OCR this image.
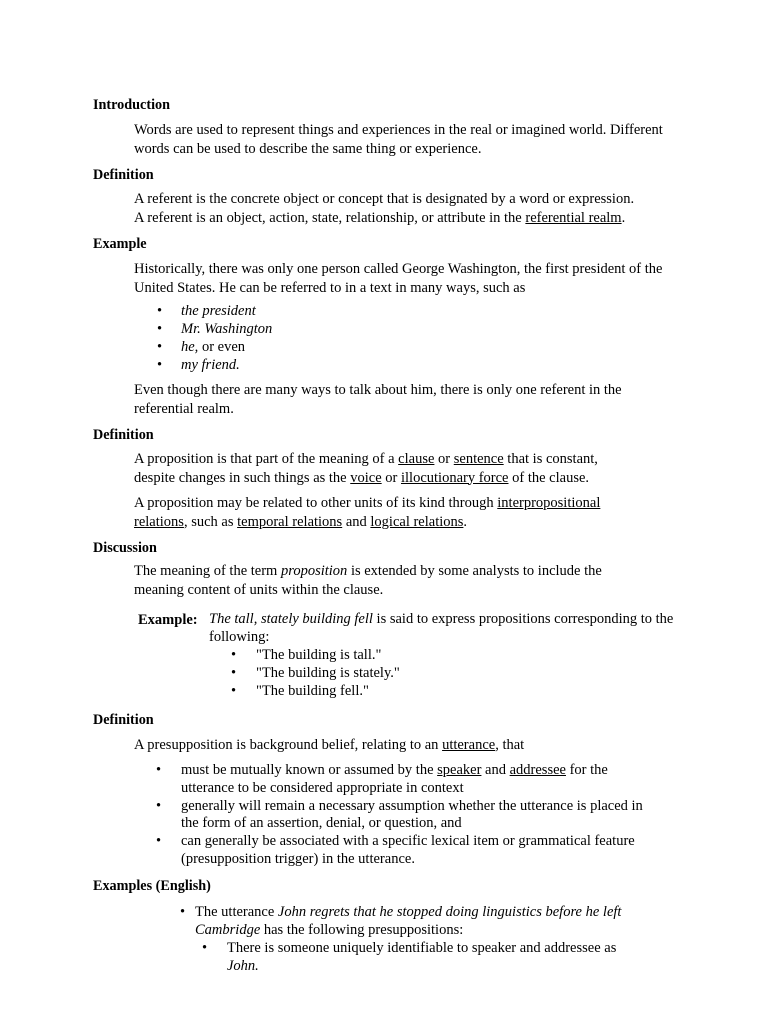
Introduction
Words are used to represent things and experiences in the real or imagined world. Different words can be used to describe the same thing or experience.
Definition
A referent is the concrete object or concept that is designated by a word or expression.
A referent is an object, action, state, relationship, or attribute in the referential realm.
Example
Historically, there was only one person called George Washington, the first president of the United States. He can be referred to in a text in many ways, such as
• the president
• Mr. Washington
• he, or even
• my friend.
Even though there are many ways to talk about him, there is only one referent in the referential realm.
Definition
A proposition is that part of the meaning of a clause or sentence that is constant, despite changes in such things as the voice or illocutionary force of the clause.
A proposition may be related to other units of its kind through interpropositional relations, such as temporal relations and logical relations.
Discussion
The meaning of the term proposition is extended by some analysts to include the meaning content of units within the clause.
Example: The tall, stately building fell is said to express propositions corresponding to the following:
• "The building is tall."
• "The building is stately."
• "The building fell."
Definition
A presupposition is background belief, relating to an utterance, that
• must be mutually known or assumed by the speaker and addressee for the utterance to be considered appropriate in context
• generally will remain a necessary assumption whether the utterance is placed in the form of an assertion, denial, or question, and
• can generally be associated with a specific lexical item or grammatical feature (presupposition trigger) in the utterance.
Examples (English)
• The utterance John regrets that he stopped doing linguistics before he left Cambridge has the following presuppositions:
• There is someone uniquely identifiable to speaker and addressee as John.
